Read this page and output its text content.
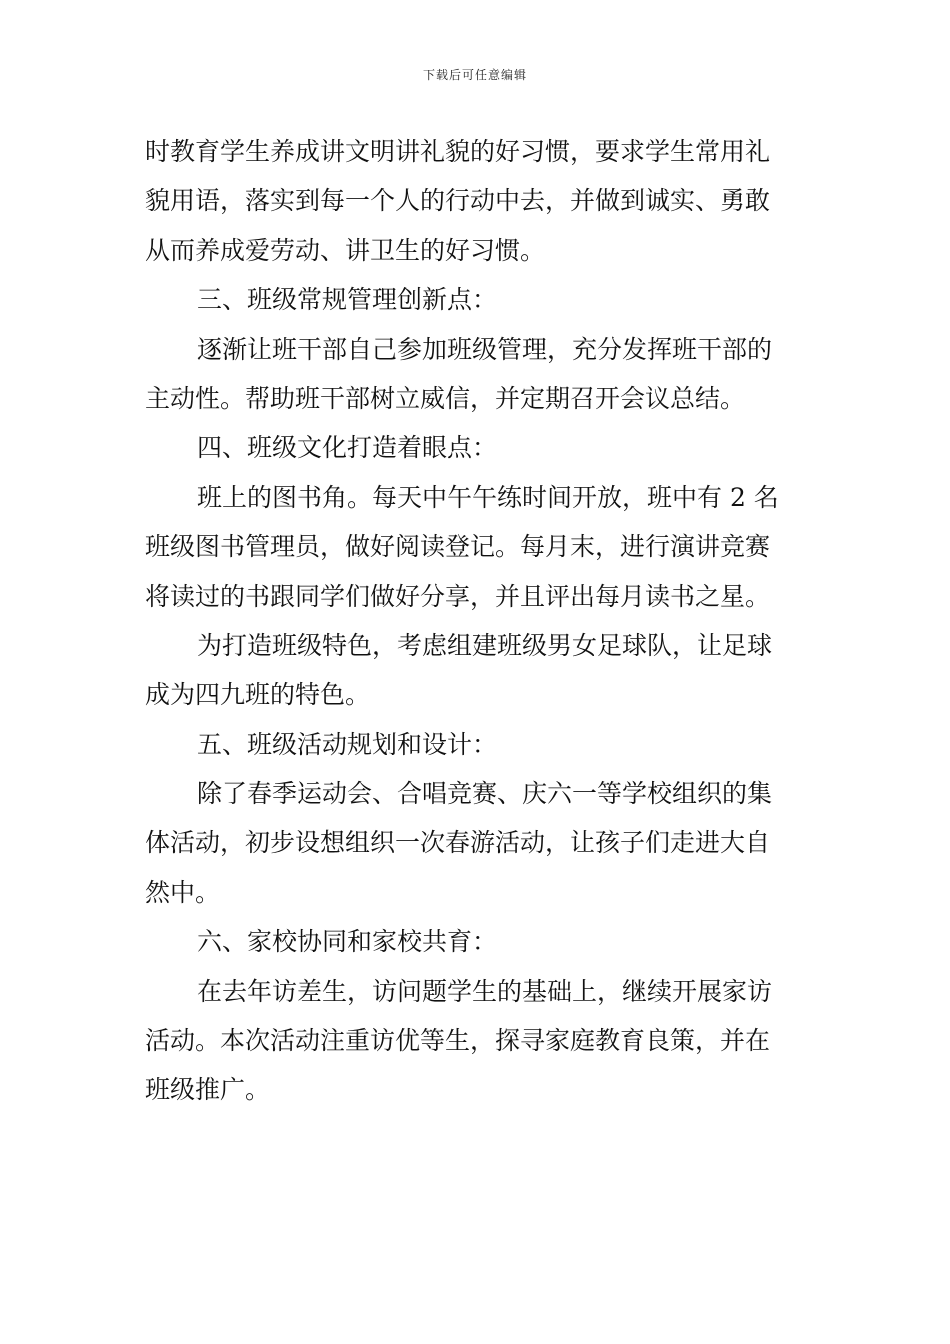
下载后可任意编辑
时教育学生养成讲文明讲礼貌的好习惯，要求学生常用礼
貌用语，落实到每一个人的行动中去，并做到诚实、勇敢
从而养成爱劳动、讲卫生的好习惯。
三、班级常规管理创新点：
逐渐让班干部自己参加班级管理，充分发挥班干部的
主动性。帮助班干部树立威信，并定期召开会议总结。
四、班级文化打造着眼点：
班上的图书角。每天中午午练时间开放，班中有 2 名
班级图书管理员，做好阅读登记。每月末，进行演讲竞赛
将读过的书跟同学们做好分享，并且评出每月读书之星。
为打造班级特色，考虑组建班级男女足球队，让足球
成为四九班的特色。
五、班级活动规划和设计：
除了春季运动会、合唱竞赛、庆六一等学校组织的集
体活动，初步设想组织一次春游活动，让孩子们走进大自
然中。
六、家校协同和家校共育：
在去年访差生，访问题学生的基础上，继续开展家访
活动。本次活动注重访优等生，探寻家庭教育良策，并在
班级推广。
